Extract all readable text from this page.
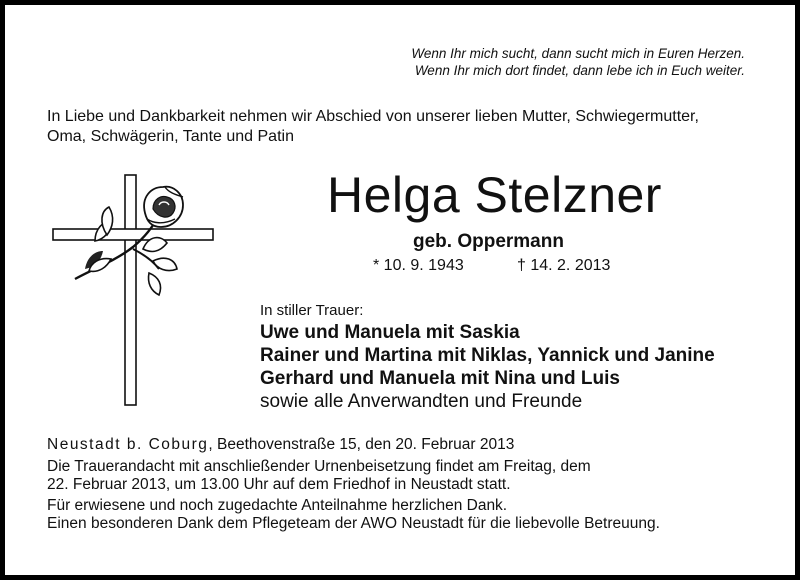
Wenn Ihr mich sucht, dann sucht mich in Euren Herzen.
Wenn Ihr mich dort findet, dann lebe ich in Euch weiter.
In Liebe und Dankbarkeit nehmen wir Abschied von unserer lieben Mutter, Schwiegermutter,
Oma, Schwägerin, Tante und Patin
Helga Stelzner
geb. Oppermann
* 10. 9. 1943	† 14. 2. 2013
In stiller Trauer:
Uwe und Manuela mit Saskia
Rainer und Martina mit Niklas, Yannick und Janine
Gerhard und Manuela mit Nina und Luis
sowie alle Anverwandten und Freunde
Neustadt b. Coburg, Beethovenstraße 15, den 20. Februar 2013
Die Trauerandacht mit anschließender Urnenbeisetzung findet am Freitag, dem
22. Februar 2013, um 13.00 Uhr auf dem Friedhof in Neustadt statt.
Für erwiesene und noch zugedachte Anteilnahme herzlichen Dank.
Einen besonderen Dank dem Pflegeteam der AWO Neustadt für die liebevolle Betreuung.
